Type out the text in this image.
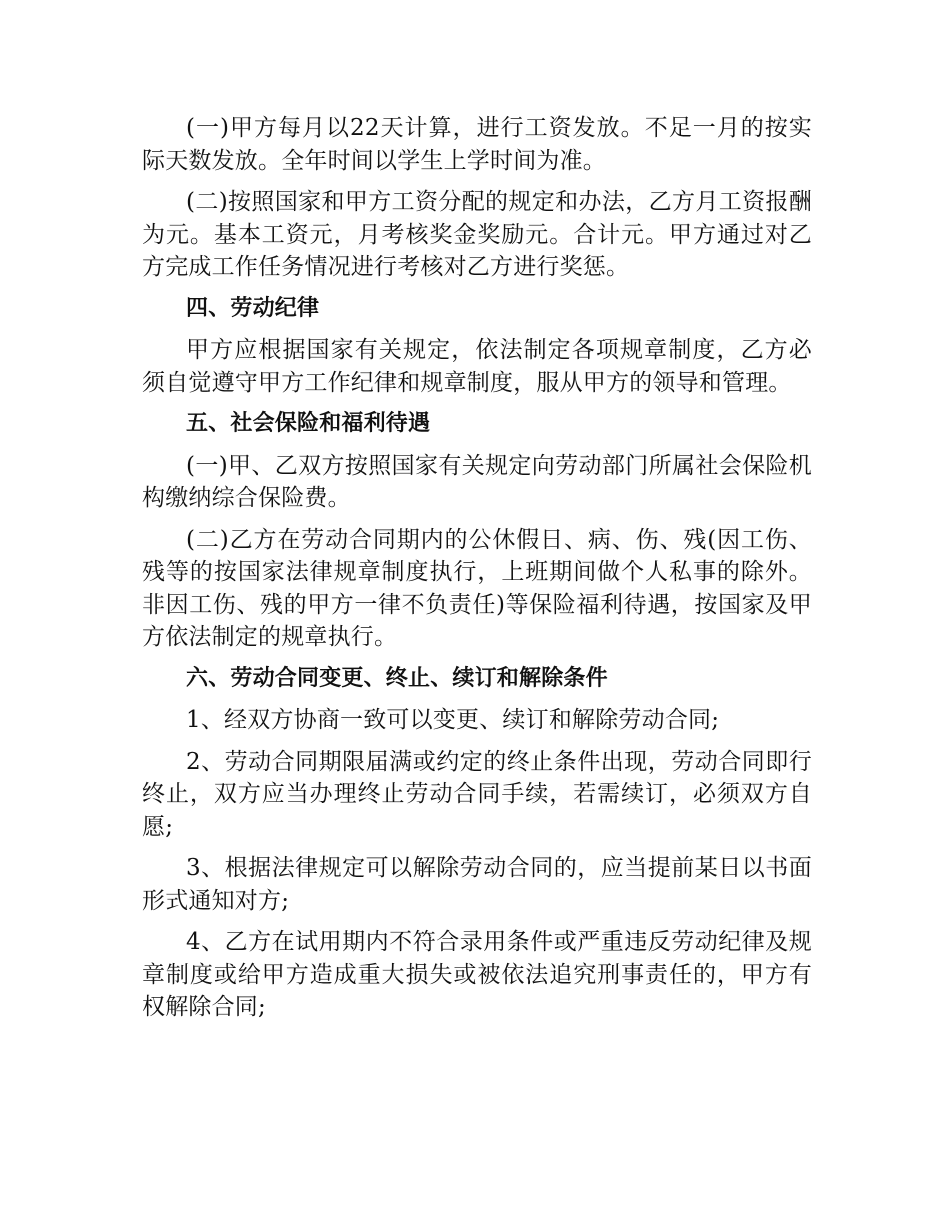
(一)甲方每月以22天计算，进行工资发放。不足一月的按实际天数发放。全年时间以学生上学时间为准。

(二)按照国家和甲方工资分配的规定和办法，乙方月工资报酬为元。基本工资元，月考核奖金奖励元。合计元。甲方通过对乙方完成工作任务情况进行考核对乙方进行奖惩。

四、劳动纪律

甲方应根据国家有关规定，依法制定各项规章制度，乙方必须自觉遵守甲方工作纪律和规章制度，服从甲方的领导和管理。

五、社会保险和福利待遇

(一)甲、乙双方按照国家有关规定向劳动部门所属社会保险机构缴纳综合保险费。

(二)乙方在劳动合同期内的公休假日、病、伤、残(因工伤、残等的按国家法律规章制度执行，上班期间做个人私事的除外。非因工伤、残的甲方一律不负责任)等保险福利待遇，按国家及甲方依法制定的规章执行。

六、劳动合同变更、终止、续订和解除条件

1、经双方协商一致可以变更、续订和解除劳动合同;

2、劳动合同期限届满或约定的终止条件出现，劳动合同即行终止，双方应当办理终止劳动合同手续，若需续订，必须双方自愿;

3、根据法律规定可以解除劳动合同的，应当提前某日以书面形式通知对方;

4、乙方在试用期内不符合录用条件或严重违反劳动纪律及规章制度或给甲方造成重大损失或被依法追究刑事责任的，甲方有权解除合同;
